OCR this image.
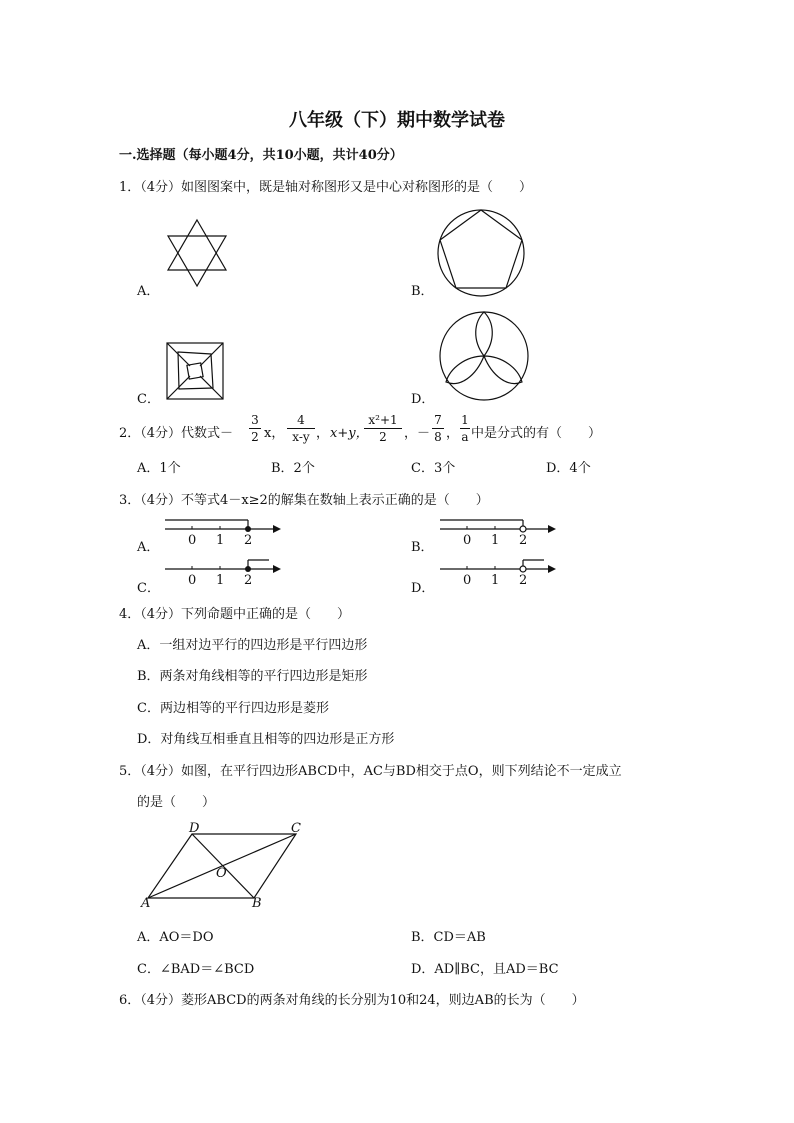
八年级（下）期中数学试卷
一.选择题（每小题4分，共10小题，共计40分）
1．（4分）如图图案中，既是轴对称图形又是中心对称图形的是（　　）
A．	B．
C．	D．
2．（4分）代数式－
3
2 x，
4
x-y ， x+y，
x²+1
2	，－
7
8 ，
1
a 中是分式的有（　　）
A．1个	B．2个	C．3个	D．4个
3．（4分）不等式4－x≥2的解集在数轴上表示正确的是（　　）
A． 0 1 2	B． 0 1 2
C．
0 1 2
D．
0 1 2
4．（4分）下列命题中正确的是（　　）
A．一组对边平行的四边形是平行四边形
B．两条对角线相等的平行四边形是矩形
C．两边相等的平行四边形是菱形
D．对角线互相垂直且相等的四边形是正方形
5．（4分）如图，在平行四边形ABCD中，AC与BD相交于点O，则下列结论不一定成立
的是（　　）
D	C
O
A	B
A．AO＝DO	B．CD＝AB
C．∠BAD＝∠BCD	D．AD∥BC，且AD＝BC
6．（4分）菱形ABCD的两条对角线的长分别为10和24，则边AB的长为（　　）
